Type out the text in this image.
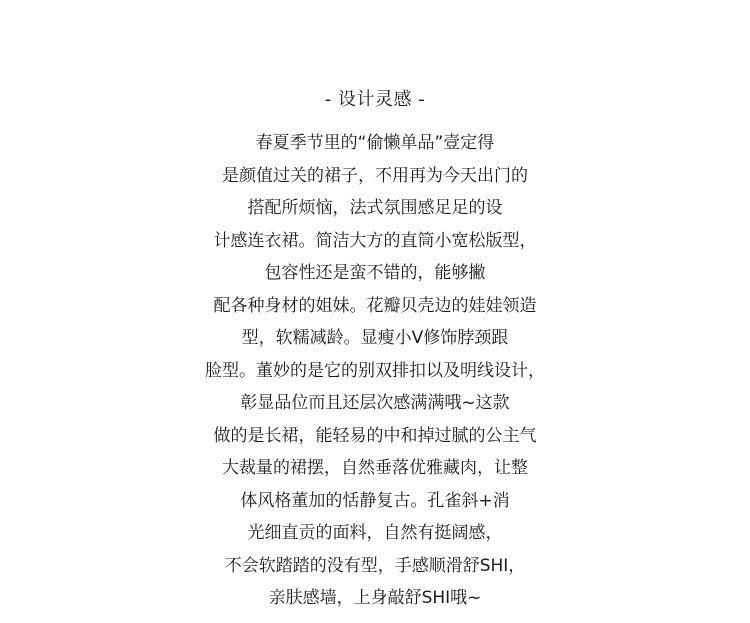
- 设计灵感 -
春夏季节里的“偷懒单品”壹定得
是颜值过关的裙子，不用再为今天出门的
搭配所烦恼，法式氛围感足足的设
计感连衣裙。简洁大方的直筒小宽松版型，
包容性还是蛮不错的，能够撇
配各种身材的姐妹。花瓣贝壳边的娃娃领造
型，软糯减龄。显瘦小V修饰脖颈跟
脸型。董妙的是它的别双排扣以及明线设计，
彰显品位而且还层次感满满哦~这款
做的是长裙，能轻易的中和掉过腻的公主气
大裁量的裙摆，自然垂落优雅藏肉，让整
体风格董加的恬静复古。孔雀斜+消
光细直贡的面料，自然有挺阔感，
不会软踏踏的没有型，手感顺滑舒SHI，
亲肤感墙，上身敲舒SHI哦~
